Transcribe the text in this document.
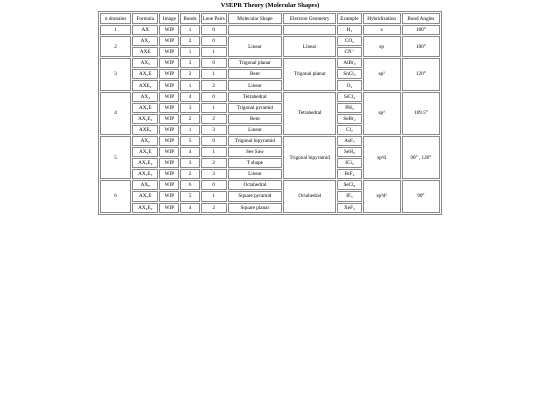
VSEPR Theory (Molecular Shapes)
σ domains	Formula	Image	Bonds	Lone Pairs	Molecular Shape	Electron Geometry	Example	Hybridization	Bond Angles
1	AX	WIP	1	0			H₂	s	180°
2	AX₂	WIP	2	0	Linear	Linear	CO₂	sp	180°
	AXE	WIP	1	1			CN⁻		
3	AX₃	WIP	3	0	Trigonal planar	Trigonal planar	AlBr₃	sp²	120°
	AX₂E	WIP	2	1	Bent		SnCl₂		
	AXE₂	WIP	1	2	Linear		O₂		
4	AX₄	WIP	4	0	Tetrahedral	Tetrahedral	SiCl₄	sp³	109.5°
	AX₃E	WIP	3	1	Trigonal pyramid		PH₃		
	AX₂E₂	WIP	2	2	Bent		SeBr₂		
	AXE₃	WIP	1	3	Linear		Cl₂		
5	AX₅	WIP	5	0	Trigonal bipyramid	Trigonal bipyramid	AsF₅	sp³d	90° , 120°
	AX₄E	WIP	4	1	See Saw		SeH₄		
	AX₃E₂	WIP	3	2	T shape		ICl₃		
	AX₂E₃	WIP	2	3	Linear		BrF₂		
6	AX₆	WIP	6	0	Octahedral	Octahedral	SeCl₆	sp³d²	90°
	AX₅E	WIP	5	1	Square pyramid		IF₅		
	AX₄E₂	WIP	4	2	Square planar		XeF₄		
